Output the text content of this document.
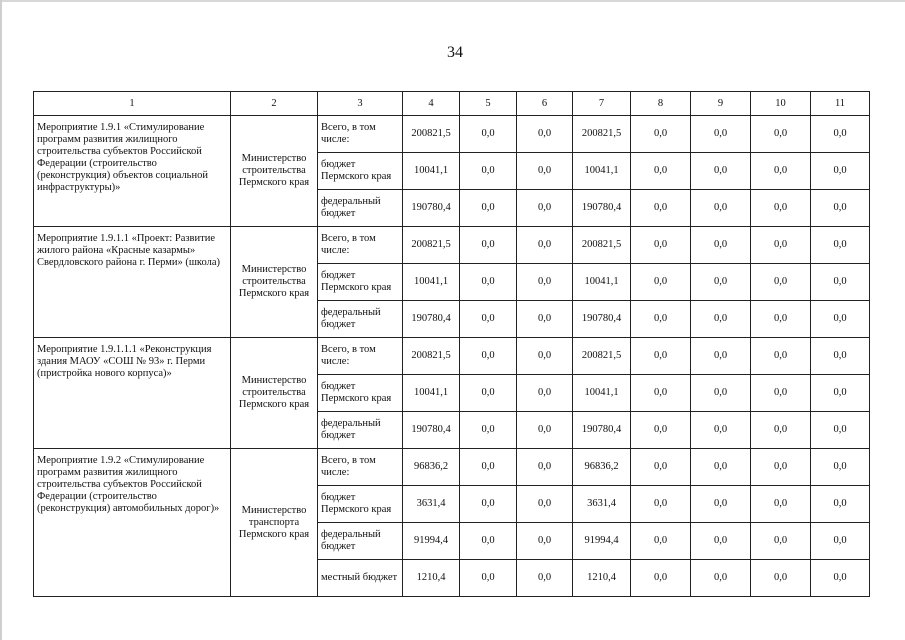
34
1	2	3	4	5	6	7	8	9	10	11
Мероприятие 1.9.1 «Стимулирование программ развития жилищного строительства субъектов Российской Федерации (строительство (реконструкция) объектов социальной инфраструктуры)»	Министерство строительства Пермского края	Всего, в том числе:	200821,5	0,0	0,0	200821,5	0,0	0,0	0,0	0,0
		бюджет Пермского края	10041,1	0,0	0,0	10041,1	0,0	0,0	0,0	0,0
		федеральный бюджет	190780,4	0,0	0,0	190780,4	0,0	0,0	0,0	0,0
Мероприятие 1.9.1.1 «Проект: Развитие жилого района «Красные казармы» Свердловского района г. Перми» (школа)	Министерство строительства Пермского края	Всего, в том числе:	200821,5	0,0	0,0	200821,5	0,0	0,0	0,0	0,0
		бюджет Пермского края	10041,1	0,0	0,0	10041,1	0,0	0,0	0,0	0,0
		федеральный бюджет	190780,4	0,0	0,0	190780,4	0,0	0,0	0,0	0,0
Мероприятие 1.9.1.1.1 «Реконструкция здания МАОУ «СОШ № 93» г. Перми (пристройка нового корпуса)»	Министерство строительства Пермского края	Всего, в том числе:	200821,5	0,0	0,0	200821,5	0,0	0,0	0,0	0,0
		бюджет Пермского края	10041,1	0,0	0,0	10041,1	0,0	0,0	0,0	0,0
		федеральный бюджет	190780,4	0,0	0,0	190780,4	0,0	0,0	0,0	0,0
Мероприятие 1.9.2 «Стимулирование программ развития жилищного строительства субъектов Российской Федерации (строительство (реконструкция) автомобильных дорог)»	Министерство транспорта Пермского края	Всего, в том числе:	96836,2	0,0	0,0	96836,2	0,0	0,0	0,0	0,0
		бюджет Пермского края	3631,4	0,0	0,0	3631,4	0,0	0,0	0,0	0,0
		федеральный бюджет	91994,4	0,0	0,0	91994,4	0,0	0,0	0,0	0,0
		местный бюджет	1210,4	0,0	0,0	1210,4	0,0	0,0	0,0	0,0
